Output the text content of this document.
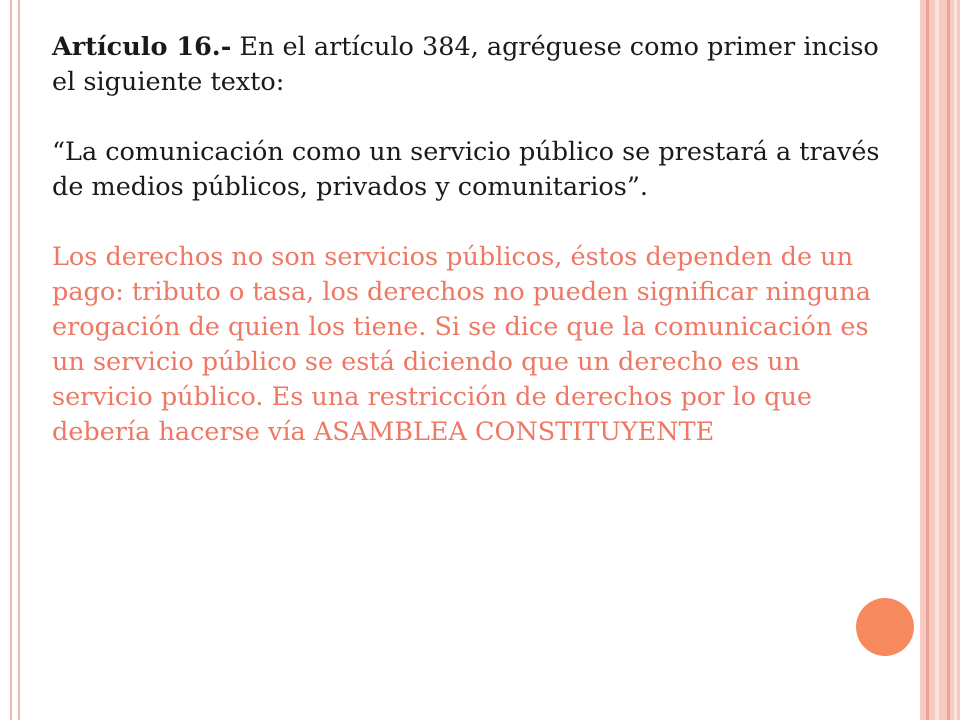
Artículo 16.- En el artículo 384, agréguese como primer inciso el siguiente texto:

“La comunicación como un servicio público se prestará a través de medios públicos, privados y comunitarios”.

Los derechos no son servicios públicos, éstos dependen de un pago: tributo o tasa, los derechos no pueden significar ninguna erogación de quien los tiene. Si se dice que la comunicación es un servicio público se está diciendo que un derecho es un servicio público. Es una restricción de derechos por lo que debería hacerse vía ASAMBLEA CONSTITUYENTE
